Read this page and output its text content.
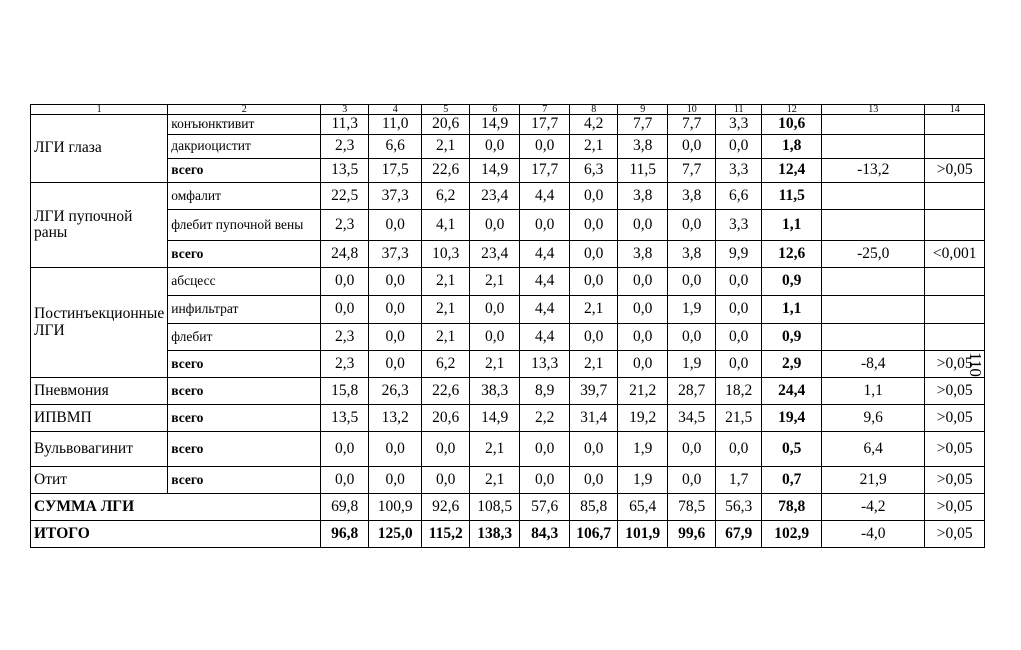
1	2	3	4	5	6	7	8	9	10	11	12	13	14
ЛГИ глаза	конъюнктивит	11,3	11,0	20,6	14,9	17,7	4,2	7,7	7,7	3,3	10,6		
	дакриоцистит	2,3	6,6	2,1	0,0	0,0	2,1	3,8	0,0	0,0	1,8		
	всего	13,5	17,5	22,6	14,9	17,7	6,3	11,5	7,7	3,3	12,4	-13,2	>0,05
ЛГИ пупочной раны	омфалит	22,5	37,3	6,2	23,4	4,4	0,0	3,8	3,8	6,6	11,5		
	флебит пупочной вены	2,3	0,0	4,1	0,0	0,0	0,0	0,0	0,0	3,3	1,1		
	всего	24,8	37,3	10,3	23,4	4,4	0,0	3,8	3,8	9,9	12,6	-25,0	<0,001
Постинъекционные ЛГИ	абсцесс	0,0	0,0	2,1	2,1	4,4	0,0	0,0	0,0	0,0	0,9		
	инфильтрат	0,0	0,0	2,1	0,0	4,4	2,1	0,0	1,9	0,0	1,1		
	флебит	2,3	0,0	2,1	0,0	4,4	0,0	0,0	0,0	0,0	0,9		
	всего	2,3	0,0	6,2	2,1	13,3	2,1	0,0	1,9	0,0	2,9	-8,4	>0,05
Пневмония	всего	15,8	26,3	22,6	38,3	8,9	39,7	21,2	28,7	18,2	24,4	1,1	>0,05
ИПВМП	всего	13,5	13,2	20,6	14,9	2,2	31,4	19,2	34,5	21,5	19,4	9,6	>0,05
Вульвовагинит	всего	0,0	0,0	0,0	2,1	0,0	0,0	1,9	0,0	0,0	0,5	6,4	>0,05
Отит	всего	0,0	0,0	0,0	2,1	0,0	0,0	1,9	0,0	1,7	0,7	21,9	>0,05
СУММА ЛГИ		69,8	100,9	92,6	108,5	57,6	85,8	65,4	78,5	56,3	78,8	-4,2	>0,05
ИТОГО		96,8	125,0	115,2	138,3	84,3	106,7	101,9	99,6	67,9	102,9	-4,0	>0,05
110
